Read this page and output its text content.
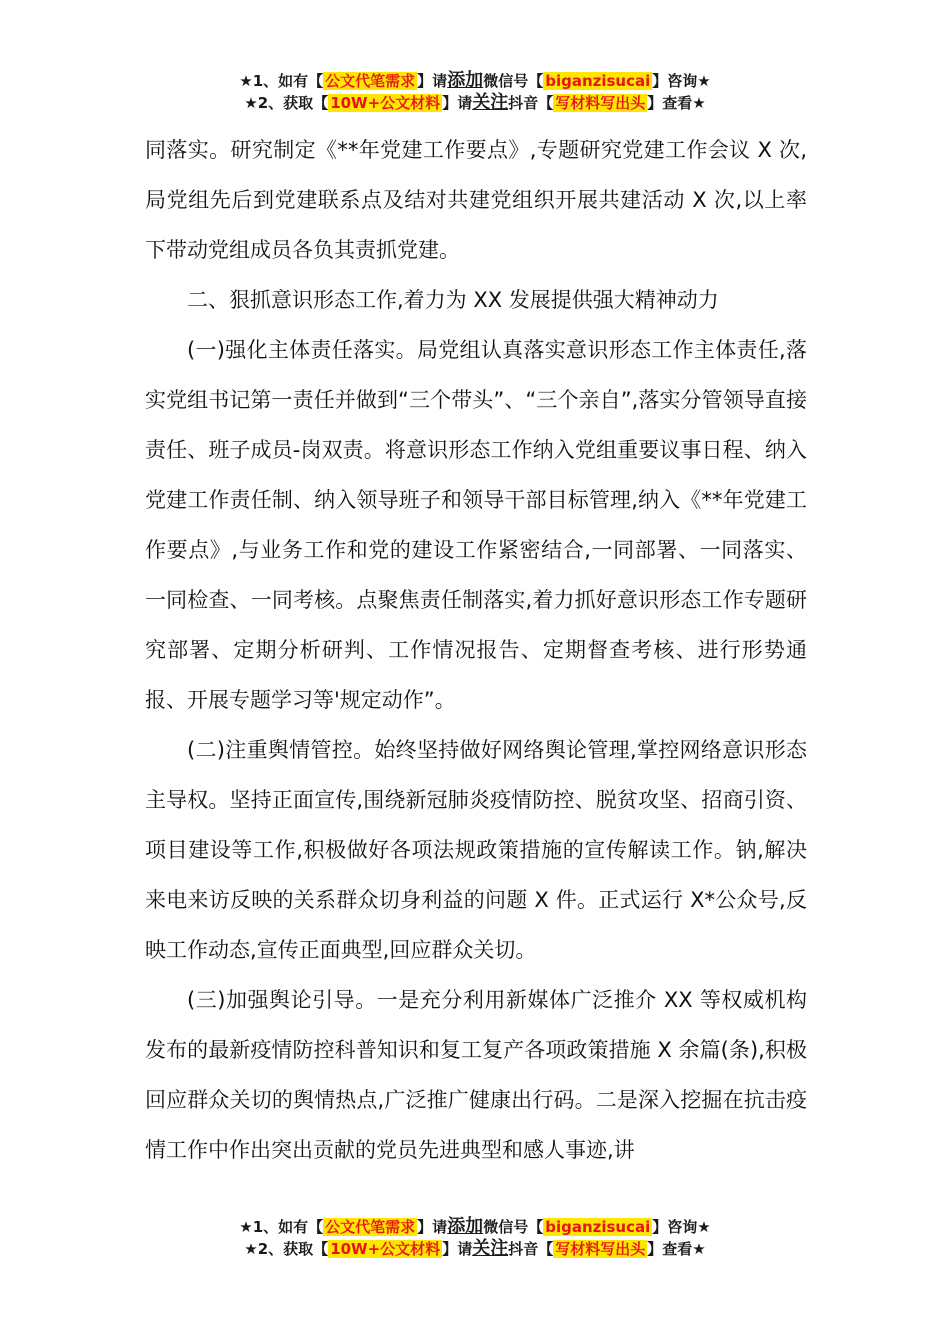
★1、如有【 公文代笔需求 】请添加微信号【 biganzisucai 】咨询★
★2、获取【 10W+公文材料 】请关注抖音【 写材料写出头 】查看★

同落实。研究制定《**年党建工作要点》,专题研究党建工作会议 X 次,局党组先后到党建联系点及结对共建党组织开展共建活动 X 次,以上率下带动党组成员各负其责抓党建。

二、狠抓意识形态工作,着力为 XX 发展提供强大精神动力

(一)强化主体责任落实。局党组认真落实意识形态工作主体责任,落实党组书记第一责任并做到“三个带头”、“三个亲自”,落实分管领导直接责任、班子成员-岗双责。将意识形态工作纳入党组重要议事日程、纳入党建工作责任制、纳入领导班子和领导干部目标管理,纳入《**年党建工作要点》,与业务工作和党的建设工作紧密结合,一同部署、一同落实、一同检查、一同考核。点聚焦责任制落实,着力抓好意识形态工作专题研究部署、定期分析研判、工作情况报告、定期督查考核、进行形势通报、开展专题学习等'规定动作”。

(二)注重舆情管控。始终坚持做好网络舆论管理,掌控网络意识形态主导权。坚持正面宣传,围绕新冠肺炎疫情防控、脱贫攻坚、招商引资、项目建设等工作,积极做好各项法规政策措施的宣传解读工作。钠,解决来电来访反映的关系群众切身利益的问题 X 件。正式运行 X*公众号,反映工作动态,宣传正面典型,回应群众关切。

(三)加强舆论引导。一是充分利用新媒体广泛推介 XX 等权威机构发布的最新疫情防控科普知识和复工复产各项政策措施 X 余篇(条),积极回应群众关切的舆情热点,广泛推广健康出行码。二是深入挖掘在抗击疫情工作中作出突出贡献的党员先进典型和感人事迹,讲

★1、如有【 公文代笔需求 】请添加微信号【 biganzisucai 】咨询★
★2、获取【 10W+公文材料 】请关注抖音【 写材料写出头 】查看★
